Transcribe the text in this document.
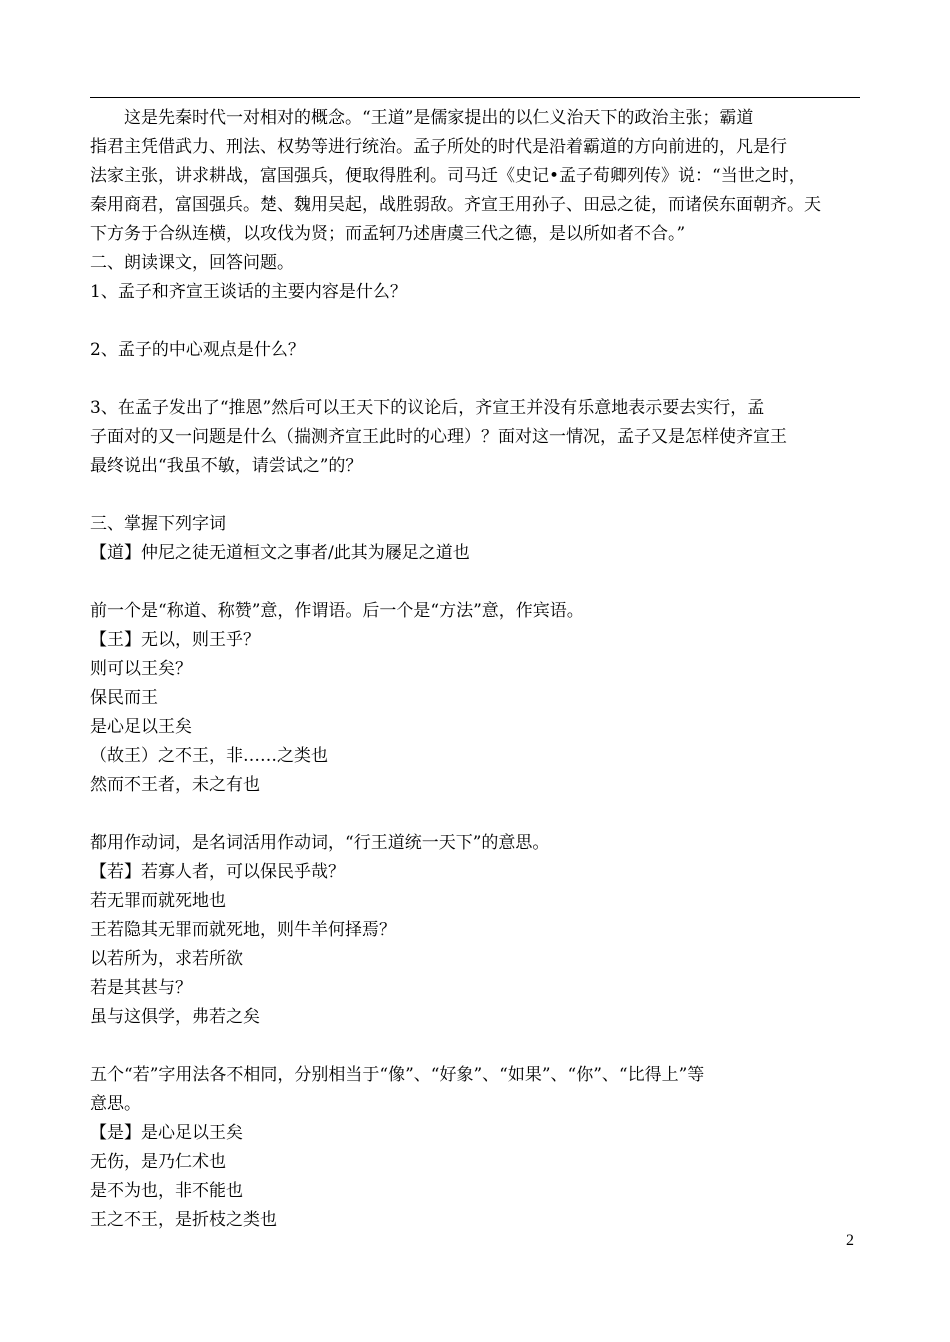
这是先秦时代一对相对的概念。“王道”是儒家提出的以仁义治天下的政治主张；霸道

指君主凭借武力、刑法、权势等进行统治。孟子所处的时代是沿着霸道的方向前进的，凡是行

法家主张，讲求耕战，富国强兵，便取得胜利。司马迁《史记•孟子荀卿列传》说：“当世之时，

秦用商君，富国强兵。楚、魏用吴起，战胜弱敌。齐宣王用孙子、田忌之徒，而诸侯东面朝齐。天

下方务于合纵连横，以攻伐为贤；而孟轲乃述唐虞三代之德，是以所如者不合。”

二、朗读课文，回答问题。

1、孟子和齐宣王谈话的主要内容是什么？

2、孟子的中心观点是什么？

3、在孟子发出了“推恩”然后可以王天下的议论后，齐宣王并没有乐意地表示要去实行，孟

子面对的又一问题是什么（揣测齐宣王此时的心理）？面对这一情况，孟子又是怎样使齐宣王

最终说出“我虽不敏，请尝试之”的？

三、掌握下列字词

【道】仲尼之徒无道桓文之事者/此其为屦足之道也

前一个是“称道、称赞”意，作谓语。后一个是“方法”意，作宾语。

【王】无以，则王乎？

则可以王矣？

保民而王

是心足以王矣

（故王）之不王，非……之类也

然而不王者，未之有也

都用作动词，是名词活用作动词，“行王道统一天下”的意思。

【若】若寡人者，可以保民乎哉？

若无罪而就死地也

王若隐其无罪而就死地，则牛羊何择焉？

以若所为，求若所欲

若是其甚与？

虽与这俱学，弗若之矣

五个“若”字用法各不相同，分别相当于“像”、“好象”、“如果”、“你”、“比得上”等

意思。

【是】是心足以王矣

无伤，是乃仁术也

是不为也，非不能也

王之不王，是折枝之类也

2
